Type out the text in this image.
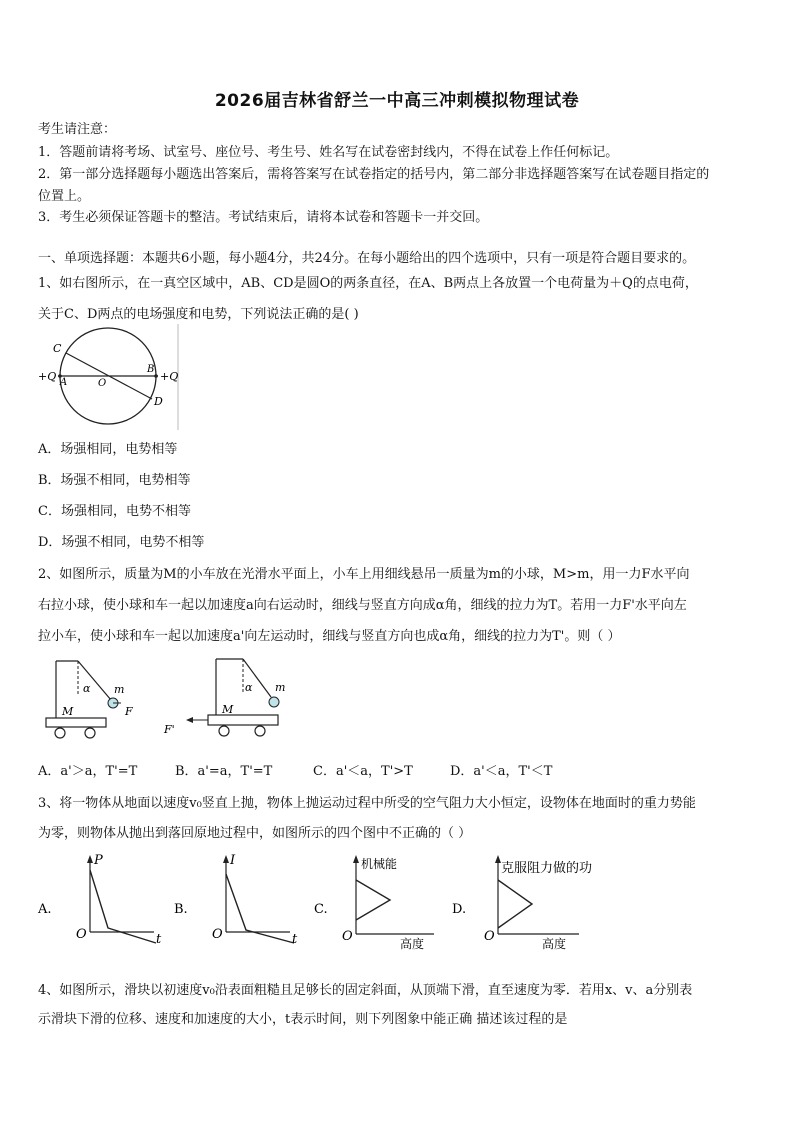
2026届吉林省舒兰一中高三冲刺模拟物理试卷
考生请注意：
1．答题前请将考场、试室号、座位号、考生号、姓名写在试卷密封线内，不得在试卷上作任何标记。
2．第一部分选择题每小题选出答案后，需将答案写在试卷指定的括号内，第二部分非选择题答案写在试卷题目指定的
位置上。
3．考生必须保证答题卡的整洁。考试结束后，请将本试卷和答题卡一并交回。
一、单项选择题：本题共6小题，每小题4分，共24分。在每小题给出的四个选项中，只有一项是符合题目要求的。
1、如右图所示，在一真空区域中，AB、CD是圆O的两条直径，在A、B两点上各放置一个电荷量为＋Q的点电荷，
关于C、D两点的电场强度和电势，下列说法正确的是( )
C
A	O
B
D
+Q	+Q
A．场强相同，电势相等
B．场强不相同，电势相等
C．场强相同，电势不相等
D．场强不相同，电势不相等
2、如图所示，质量为M的小车放在光滑水平面上，小车上用细线悬吊一质量为m的小球，M>m，用一力F水平向
右拉小球，使小球和车一起以加速度a向右运动时，细线与竖直方向成α角，细线的拉力为T。若用一力F'水平向左
拉小车，使小球和车一起以加速度a'向左运动时，细线与竖直方向也成α角，细线的拉力为T'。则（ ）
α m
M	F
α m
M
F'
A．a'＞a，T'=T	B．a'=a，T'=T	C．a'＜a，T'>T	D．a'＜a，T'＜T
3、将一物体从地面以速度v₀竖直上抛，物体上抛运动过程中所受的空气阻力大小恒定，设物体在地面时的重力势能
为零，则物体从抛出到落回原地过程中，如图所示的四个图中不正确的（ ）
A.
P
t
O
B.
I
t
O
C.
机械能
高度
O
D.
克服阻力做的功
高度
O
4、如图所示，滑块以初速度v₀沿表面粗糙且足够长的固定斜面，从顶端下滑，直至速度为零．若用x、v、a分别表
示滑块下滑的位移、速度和加速度的大小，t表示时间，则下列图象中能正确 描述该过程的是
